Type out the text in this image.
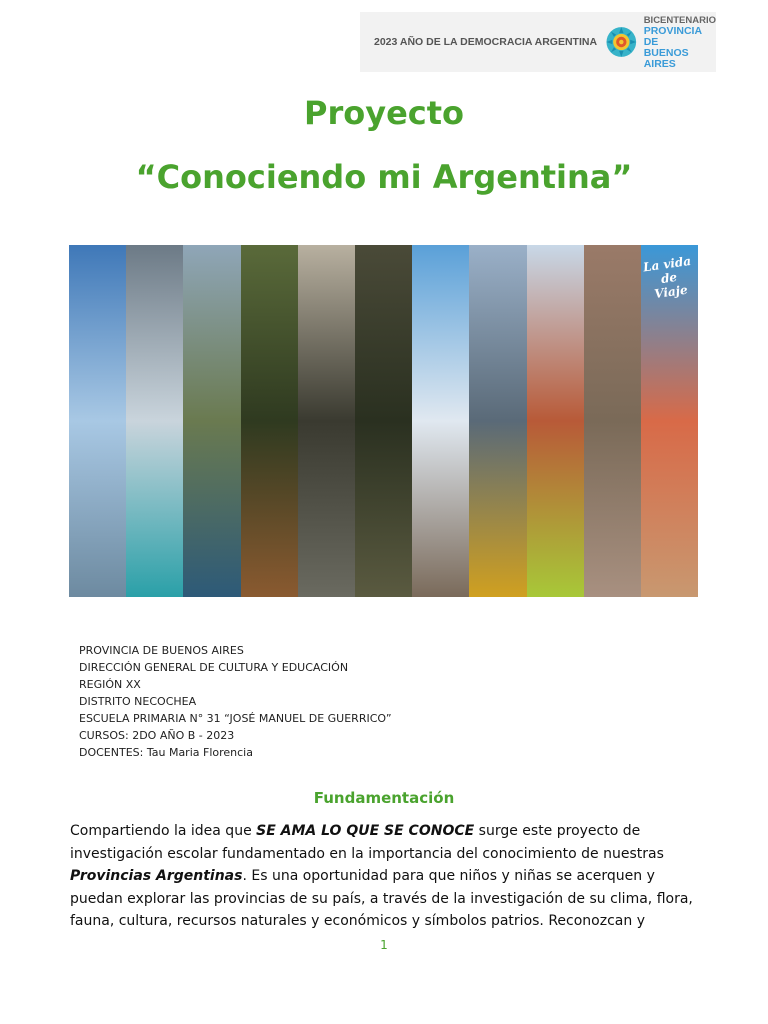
2023 AÑO DE LA DEMOCRACIA ARGENTINA
BICENTENARIO
PROVINCIA DE
BUENOS AIRES
Proyecto
“Conociendo mi Argentina”
La vida de Viaje
PROVINCIA DE BUENOS AIRES
DIRECCIÓN GENERAL DE CULTURA Y EDUCACIÓN
REGIÓN XX
DISTRITO NECOCHEA
ESCUELA PRIMARIA N° 31 “JOSÉ MANUEL DE GUERRICO”
CURSOS: 2DO AÑO B - 2023
DOCENTES: Tau Maria Florencia
Fundamentación
Compartiendo la idea que SE AMA LO QUE SE CONOCE surge este proyecto de
investigación escolar fundamentado en la importancia del conocimiento de nuestras
Provincias Argentinas. Es una oportunidad para que niños y niñas se acerquen y
puedan explorar las provincias de su país, a través de la investigación de su clima, flora,
fauna, cultura, recursos naturales y económicos y símbolos patrios. Reconozcan y
1
